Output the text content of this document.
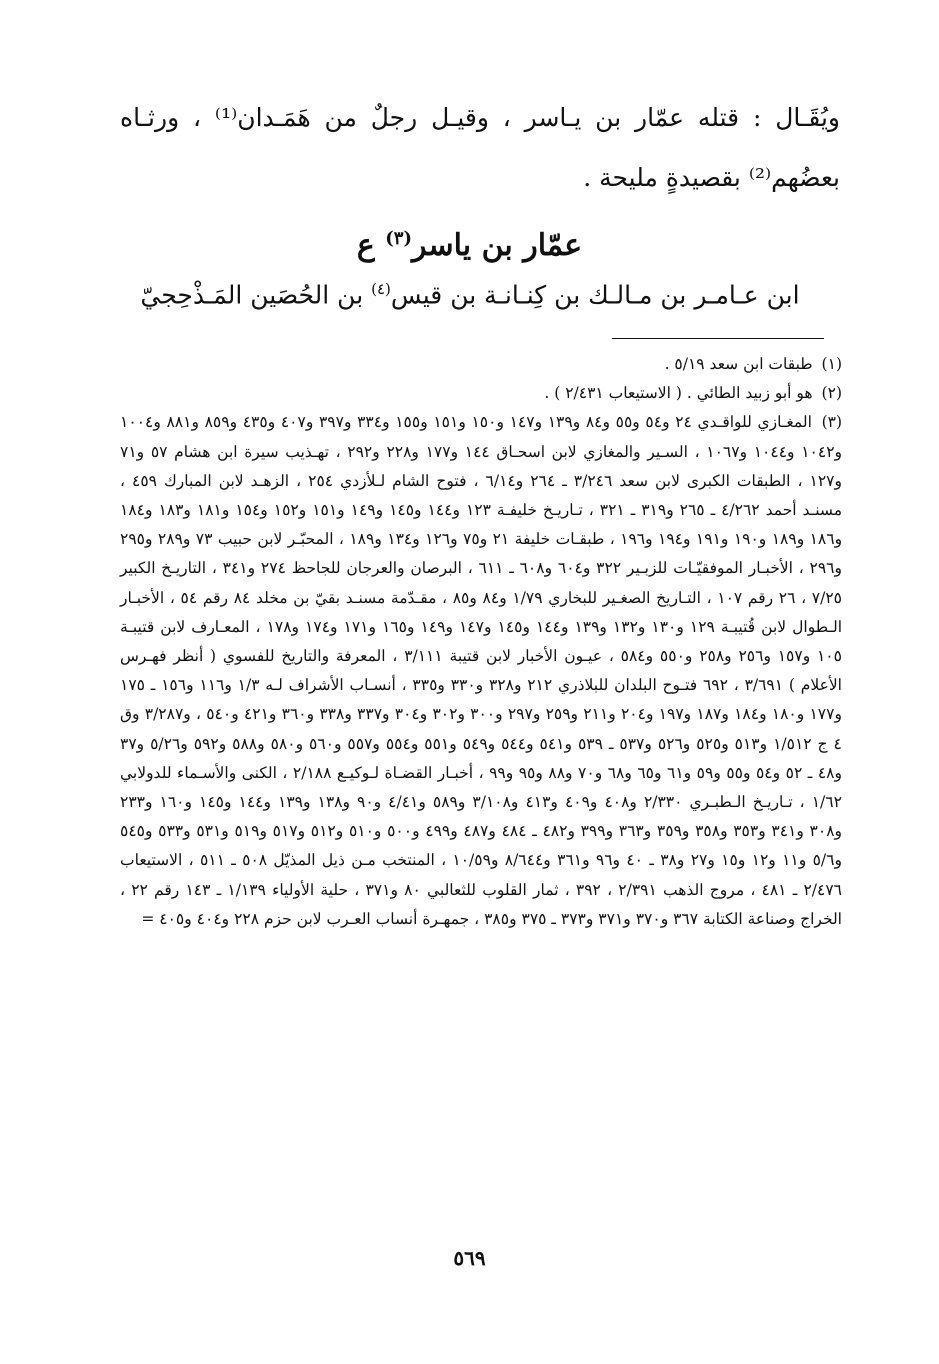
ويُقَـال : قتله عمّار بن يـاسر ، وقيـل رجلٌ من هَمَـدان⁽¹⁾ ، ورثـاه بعضُهم⁽²⁾ بقصيدةٍ مليحة .

عمّار بن ياسر$^{(٣)}$ ع
ابن عـامـر بن مـالـك بن كِنـانـة بن قيس$^{(٤)}$ بن الحُصَين المَـذْحِجيّ

(١) طبقات ابن سعد ٥/١٩ .

(٢) هو أبو زبيد الطائي . ( الاستيعاب ٢/٤٣١ ) .

(٣) المغـازي للواقـدي ٢٤ و٥٤ و٥٥ و٨٤ و١٣٩ و١٤٧ و١٥٠ و١٥١ و١٥٥ و٣٣٤ و٣٩٧ و٤٠٧ و٤٣٥ و٨٥٩ و٨٨١ و١٠٠٤ و١٠٤٢ و١٠٤٤ و١٠٦٧ ، السـير والمغازي لابن اسحـاق ١٤٤ و١٧٧ و٢٢٨ و٢٩٢ ، تهـذيب سيرة ابن هشام ٥٧ و٧١ و١٢٧ ، الطبقات الكبرى لابن سعد ٣/٢٤٦ ـ ٢٦٤ و٦/١٤ ، فتوح الشام لـلأزدي ٢٥٤ ، الزهـد لابن المبارك ٤٥٩ ، مسنـد أحمد ٤/٢٦٢ ـ ٢٦٥ و٣١٩ ـ ٣٢١ ، تـاريـخ خليفـة ١٢٣ و١٤٤ و١٤٥ و١٤٩ و١٥١ و١٥٢ و١٥٤ و١٨١ و١٨٣ و١٨٤ و١٨٦ و١٨٩ و١٩٠ و١٩١ و١٩٤ و١٩٦ ، طبقـات خليفة ٢١ و٧٥ و١٢٦ و١٣٤ و١٨٩ ، المحبّـر لابن حبيب ٧٣ و٢٨٩ و٢٩٥ و٢٩٦ ، الأخبـار الموفقيّـات للزبـير ٣٢٢ و٦٠٤ و٦٠٨ ـ ٦١١ ، البرصان والعرجان للجاحظ ٢٧٤ و٣٤١ ، التاريـخ الكبير ٧/٢٥ ، ٢٦ رقم ١٠٧ ، التـاريخ الصغـير للبخاري ١/٧٩ و٨٤ و٨٥ ، مقـدّمة مسنـد بقيّ بن مخلد ٨٤ رقم ٥٤ ، الأخبـار الـطوال لابن قُتيبـة ١٢٩ و١٣٠ و١٣٢ و١٣٩ و١٤٤ و١٤٥ و١٤٧ و١٤٩ و١٦٥ و١٧١ و١٧٤ و١٧٨ ، المعـارف لابن قتيبـة ١٠٥ و١٥٧ و٢٥٦ و٢٥٨ و٥٥٠ و٥٨٤ ، عيـون الأخبار لابن قتيبة ٣/١١١ ، المعرفة والتاريخ للفسوي ( أنظر فهـرس الأعلام ) ٣/٦٩١ ، ٦٩٢ فتـوح البلدان للبلاذري ٢١٢ و٣٢٨ و٣٣٠ و٣٣٥ ، أنسـاب الأشراف لـه ١/٣ و١١٦ و١٥٦ ـ ١٧٥ و١٧٧ و١٨٠ و١٨٤ و١٨٧ و١٩٧ و٢٠٤ و٢١١ و٢٥٩ و٢٩٧ و٣٠٠ و٣٠٢ و٣٠٤ و٣٣٧ و٣٣٨ و٣٦٠ و٤٢١ و٥٤٠ ، و٣/٢٨٧ وق ٤ ج ١/٥١٢ و٥١٣ و٥٢٥ و٥٢٦ و٥٣٧ ـ ٥٣٩ و٥٤١ و٥٤٤ و٥٤٩ و٥٥١ و٥٥٤ و٥٥٧ و٥٦٠ و٥٨٠ و٥٨٨ و٥٩٢ و٥/٢٦ و٣٧ و٤٨ ـ ٥٢ و٥٤ و٥٥ و٥٩ و٦١ و٦٥ و٦٨ و٧٠ و٨٨ و٩٥ و٩٩ ، أخبـار القضـاة لـوكيـع ٢/١٨٨ ، الكنى والأسـماء للدولابي ١/٦٢ ، تـاريـخ الـطبـري ٢/٣٣٠ و٤٠٨ و٤٠٩ و٤١٣ و٣/١٠٨ و٥٨٩ و٤/٤١ و٩٠ و١٣٨ و١٣٩ و١٤٤ و١٤٥ و١٦٠ و٢٣٣ و٣٠٨ و٣٤١ و٣٥٣ و٣٥٨ و٣٥٩ و٣٦٣ و٣٩٩ و٤٨٢ ـ ٤٨٤ و٤٨٧ و٤٩٩ و٥٠٠ و٥١٠ و٥١٢ و٥١٧ و٥١٩ و٥٣١ و٥٣٣ و٥٤٥ و٥/٦ و١١ و١٢ و١٥ و٢٧ و٣٨ ـ ٤٠ و٩٦ و٣٦١ و٨/٦٤٤ و١٠/٥٩ ، المنتخب مـن ذيل المذيّل ٥٠٨ ـ ٥١١ ، الاستيعاب ٢/٤٧٦ ـ ٤٨١ ، مروج الذهب ٢/٣٩١ ، ٣٩٢ ، ثمار القلوب للثعالبي ٨٠ و٣٧١ ، حلية الأولياء ١/١٣٩ ـ ١٤٣ رقم ٢٢ ، الخراج وصناعة الكتابة ٣٦٧ و٣٧٠ و٣٧١ و٣٧٣ ـ ٣٧٥ و٣٨٥ ، جمهـرة أنساب العـرب لابن حزم ٢٢٨ و٤٠٤ و٤٠٥ =

٥٦٩
